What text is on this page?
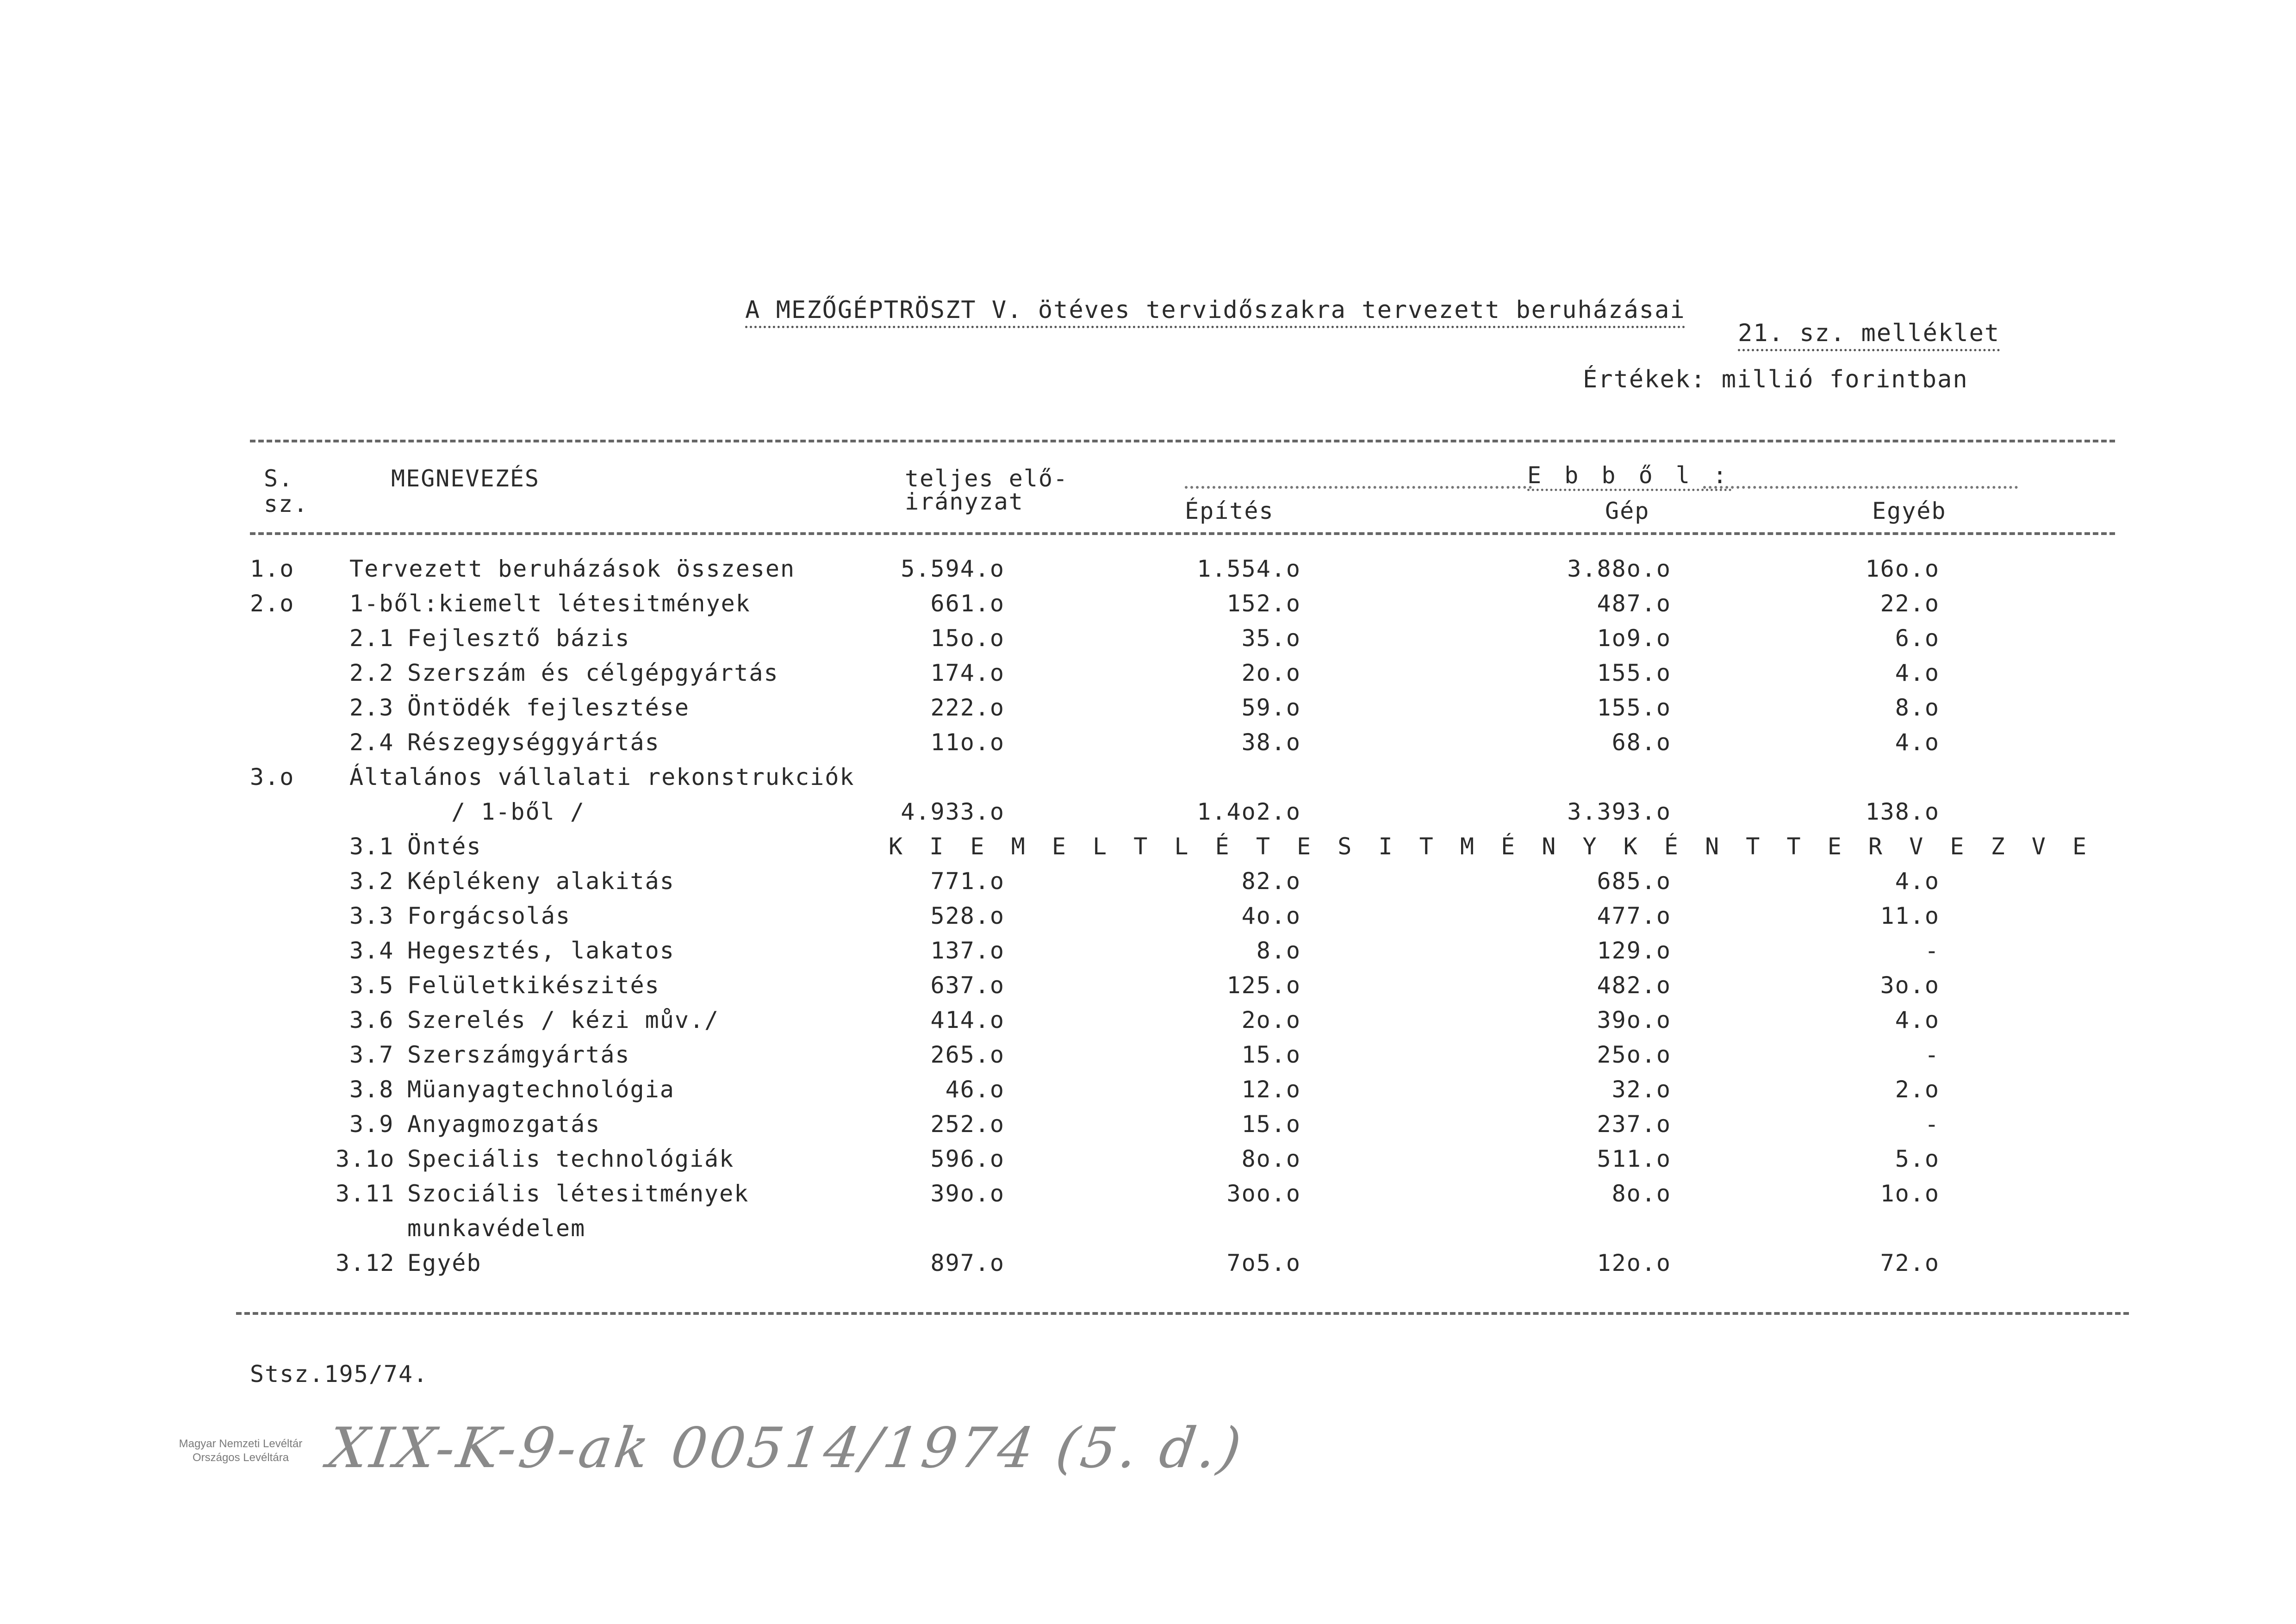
A MEZŐGÉPTRÖSZT V. ötéves tervidőszakra tervezett beruházásai
21. sz. melléklet
Értékek: millió forintban
S.
sz.
MEGNEVEZÉS	teljes elő-
irányzat
E b b ő l :
Építés	Gép	Egyéb
1.o Tervezett beruházások összesen	5.594.o	1.554.o	3.88o.o	16o.o
2.o 1-ből:kiemelt létesitmények	661.o	152.o	487.o	22.o
2.1 Fejlesztő bázis	15o.o	35.o	1o9.o	6.o
2.2 Szerszám és célgépgyártás	174.o	2o.o	155.o	4.o
2.3 Öntödék fejlesztése	222.o	59.o	155.o	8.o
2.4 Részegységgyártás	11o.o	38.o	68.o	4.o
3.o Általános vállalati rekonstrukciók
/ 1-ből /	4.933.o	1.4o2.o	3.393.o	138.o
3.1 Öntés	K I E M E L T L É T E S I T M É N Y K É N T T E R V E Z V E
3.2 Képlékeny alakitás	771.o	82.o	685.o	4.o
3.3 Forgácsolás	528.o	4o.o	477.o	11.o
3.4 Hegesztés, lakatos	137.o	8.o	129.o	-
3.5 Felületkikészités	637.o	125.o	482.o	3o.o
3.6 Szerelés / kézi mův./	414.o	2o.o	39o.o	4.o
3.7 Szerszámgyártás	265.o	15.o	25o.o	-
3.8 Müanyagtechnológia	46.o	12.o	32.o	2.o
3.9 Anyagmozgatás	252.o	15.o	237.o	-
3.1o Speciális technológiák	596.o	8o.o	511.o	5.o
3.11 Szociális létesitmények	39o.o	3oo.o	8o.o	1o.o
munkavédelem
3.12 Egyéb	897.o	7o5.o	12o.o	72.o
Stsz.195/74.
Magyar Nemzeti Levéltár
Országos Levéltára XIX-K-9-ak 00514/1974 (5. d.)
